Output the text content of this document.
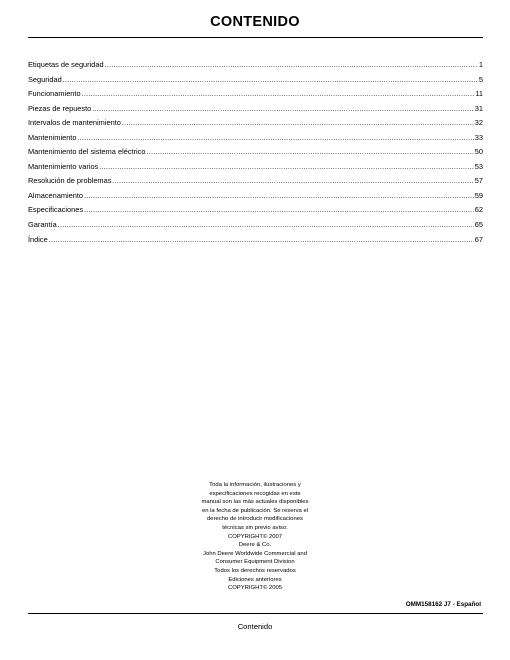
CONTENIDO
Etiquetas de seguridad .....	1
Seguridad .....	5
Funcionamiento .....	11
Piezas de repuesto .....	31
Intervalos de mantenimiento .....	32
Mantenimiento .....	33
Mantenimiento del sistema eléctrico .....	50
Mantenimiento varios .....	53
Resolución de problemas .....	57
Almacenamiento .....	59
Especificaciones .....	62
Garantía .....	65
Índice .....	67
Toda la información, ilustraciones y
especificaciones recogidas en este
manual son las más actuales disponibles
en la fecha de publicación. Se reserva el
derecho de introducir modificaciones
técnicas sin previo aviso.
COPYRIGHT© 2007
Deere & Co.
John Deere Worldwide Commercial and
Consumer Equipment Division
Todos los derechos reservados
Ediciones anteriores
COPYRIGHT© 2005
OMM158162 J7 - Español
Contenido
